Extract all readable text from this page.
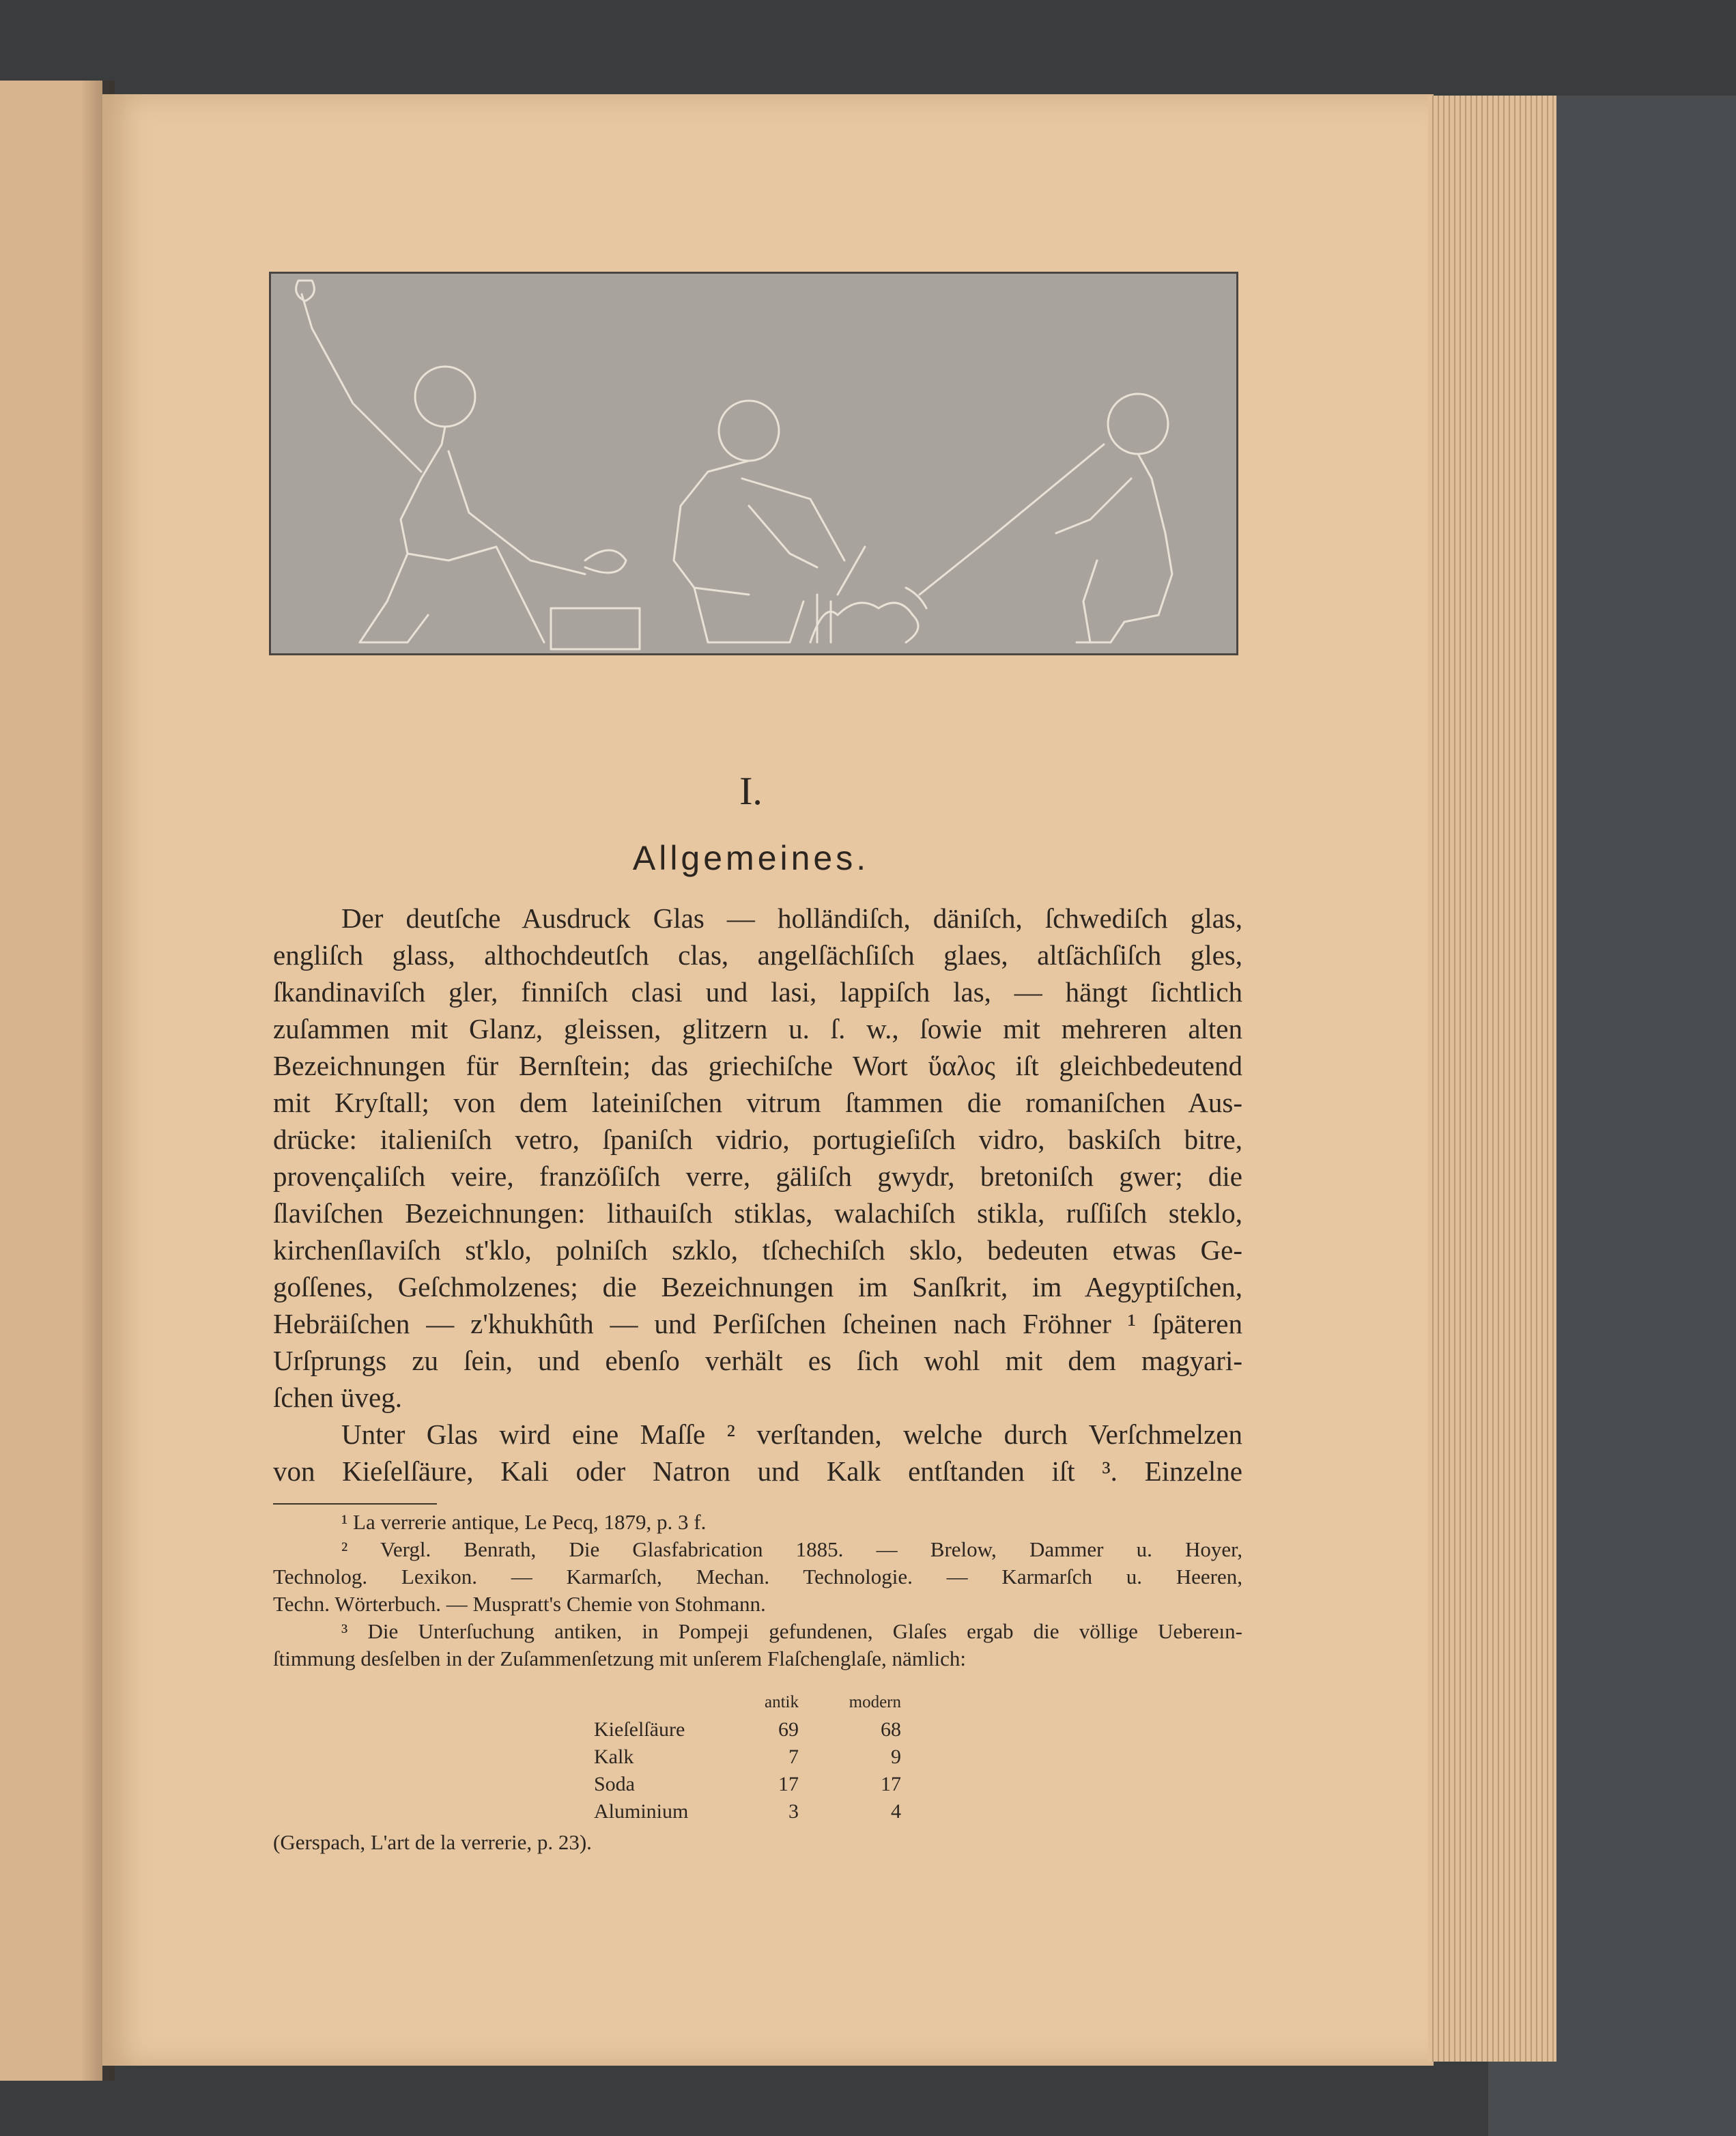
I.
Allgemeines.
Der deutſche Ausdruck Glas — holländiſch, däniſch, ſchwediſch glas,
engliſch glass, althochdeutſch clas, angelſächſiſch glaes, altſächſiſch gles,
ſkandinaviſch gler, finniſch clasi und lasi, lappiſch las, — hängt ſichtlich
zuſammen mit Glanz, gleissen, glitzern u. ſ. w., ſowie mit mehreren alten
Bezeichnungen für Bernſtein; das griechiſche Wort ὕαλος iſt gleichbedeutend
mit Kryſtall; von dem lateiniſchen vitrum ſtammen die romaniſchen Aus-
drücke: italieniſch vetro, ſpaniſch vidrio, portugieſiſch vidro, baskiſch bitre,
provençaliſch veire, franzöſiſch verre, gäliſch gwydr, bretoniſch gwer; die
ſlaviſchen Bezeichnungen: lithauiſch stiklas, walachiſch stikla, ruſſiſch steklo,
kirchenſlaviſch st'klo, polniſch szklo, tſchechiſch sklo, bedeuten etwas Ge-
goſſenes, Geſchmolzenes; die Bezeichnungen im Sanſkrit, im Aegyptiſchen,
Hebräiſchen — z'khukhûth — und Perſiſchen ſcheinen nach Fröhner ¹ ſpäteren
Urſprungs zu ſein, und ebenſo verhält es ſich wohl mit dem magyari-
ſchen üveg.
Unter Glas wird eine Maſſe ² verſtanden, welche durch Verſchmelzen
von Kieſelſäure, Kali oder Natron und Kalk entſtanden iſt ³. Einzelne
¹ La verrerie antique, Le Pecq, 1879, p. 3 f.
² Vergl. Benrath, Die Glasfabrication 1885. — Brelow, Dammer u. Hoyer,
Technolog. Lexikon. — Karmarſch, Mechan. Technologie. — Karmarſch u. Heeren,
Techn. Wörterbuch. — Muspratt's Chemie von Stohmann.
³ Die Unterſuchung antiken, in Pompeji gefundenen, Glaſes ergab die völlige Uebereın-
ſtimmung desſelben in der Zuſammenſetzung mit unſerem Flaſchenglaſe, nämlich:
	antik	modern
Kieſelſäure	69	68
Kalk	7	9
Soda	17	17
Aluminium	3	4
(Gerspach, L'art de la verrerie, p. 23).
